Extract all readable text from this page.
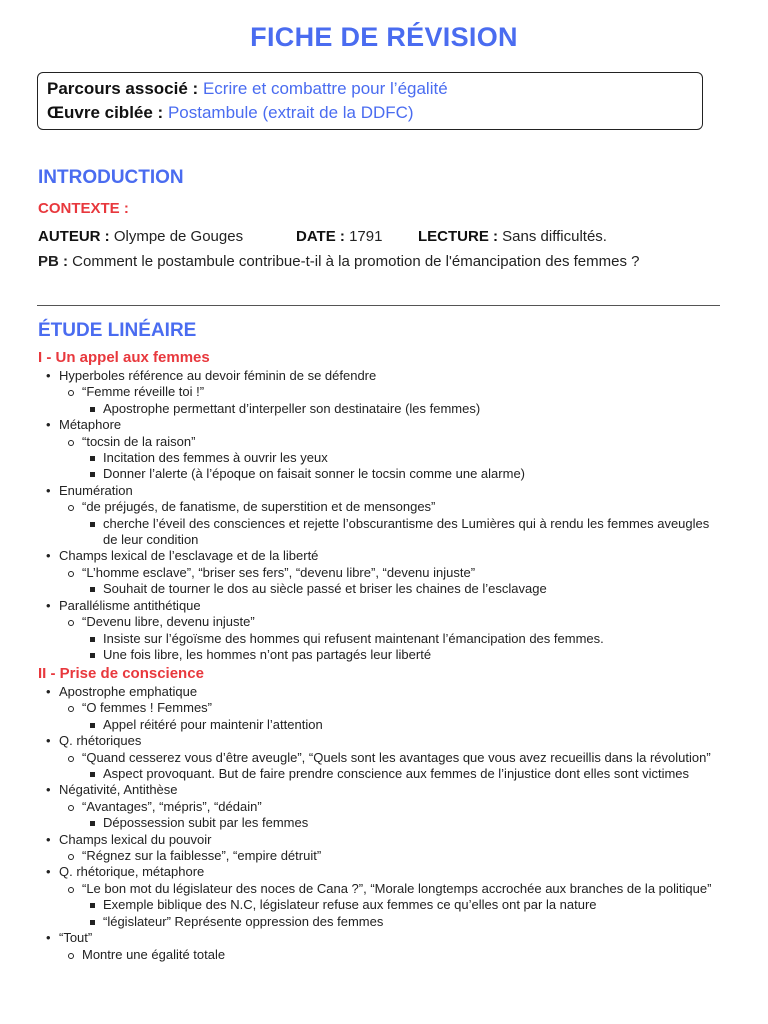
FICHE DE RÉVISION
Parcours associé : Ecrire et combattre pour l’égalité
Œuvre ciblée : Postambule (extrait de la DDFC)
INTRODUCTION
CONTEXTE :
AUTEUR : Olympe de Gouges	DATE : 1791 LECTURE : Sans difficultés.
PB : Comment le postambule contribue-t-il à la promotion de l'émancipation des femmes ?
ÉTUDE LINÉAIRE
I - Un appel aux femmes
• Hyperboles référence au devoir féminin de se défendre
“Femme réveille toi !”
Apostrophe permettant d’interpeller son destinataire (les femmes)
• Métaphore
“tocsin de la raison”
Incitation des femmes à ouvrir les yeux
Donner l’alerte (à l’époque on faisait sonner le tocsin comme une alarme)
• Enumération
“de préjugés, de fanatisme, de superstition et de mensonges”
cherche l’éveil des consciences et rejette l’obscurantisme des Lumières qui à rendu les femmes aveugles de leur condition
• Champs lexical de l’esclavage et de la liberté
“L’homme esclave”, “briser ses fers”, “devenu libre”, “devenu injuste”
Souhait de tourner le dos au siècle passé et briser les chaines de l’esclavage
• Parallélisme antithétique
“Devenu libre, devenu injuste”
Insiste sur l’égoïsme des hommes qui refusent maintenant l’émancipation des femmes.
Une fois libre, les hommes n’ont pas partagés leur liberté
II - Prise de conscience
• Apostrophe emphatique
“O femmes ! Femmes”
Appel réitéré pour maintenir l’attention
• Q. rhétoriques
“Quand cesserez vous d’être aveugle”, “Quels sont les avantages que vous avez recueillis dans la révolution”
Aspect provoquant. But de faire prendre conscience aux femmes de l’injustice dont elles sont victimes
• Négativité, Antithèse
“Avantages”, “mépris”, “dédain”
Dépossession subit par les femmes
• Champs lexical du pouvoir
“Régnez sur la faiblesse”, “empire détruit”
• Q. rhétorique, métaphore
“Le bon mot du législateur des noces de Cana ?”, “Morale longtemps accrochée aux branches de la politique”
Exemple biblique des N.C, législateur refuse aux femmes ce qu’elles ont par la nature
“législateur” Représente oppression des femmes
• “Tout”
Montre une égalité totale
